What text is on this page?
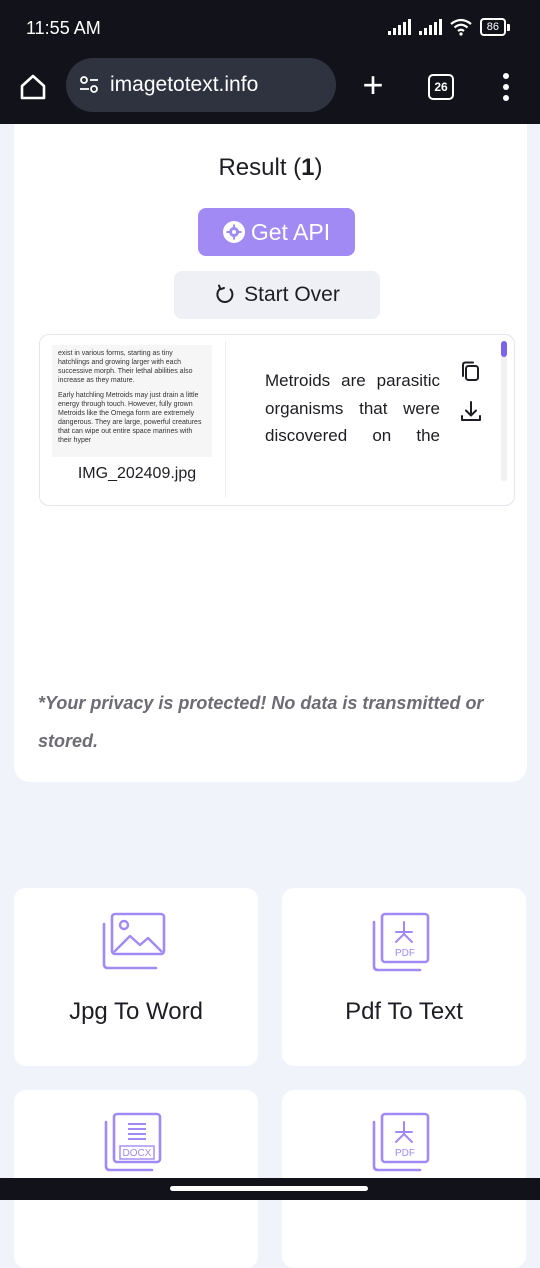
11:55 AM	86
imagetotext.info	+	26
Result (1)
Get API
Start Over

exist in various forms, starting as tiny hatchlings and growing larger with each successive morph. Their lethal abilities also increase as they mature.

Early hatchling Metroids may just drain a little energy through touch. However, fully grown Metroids like the Omega form are extremely dangerous. They are large, powerful creatures that can wipe out entire space marines with their hyper

IMG_202409.jpg
Metroids are parasitic organisms that were discovered on the
*Your privacy is protected! No data is transmitted or stored.
Jpg To Word
PDF
Pdf To Text
DOCX	PDF
